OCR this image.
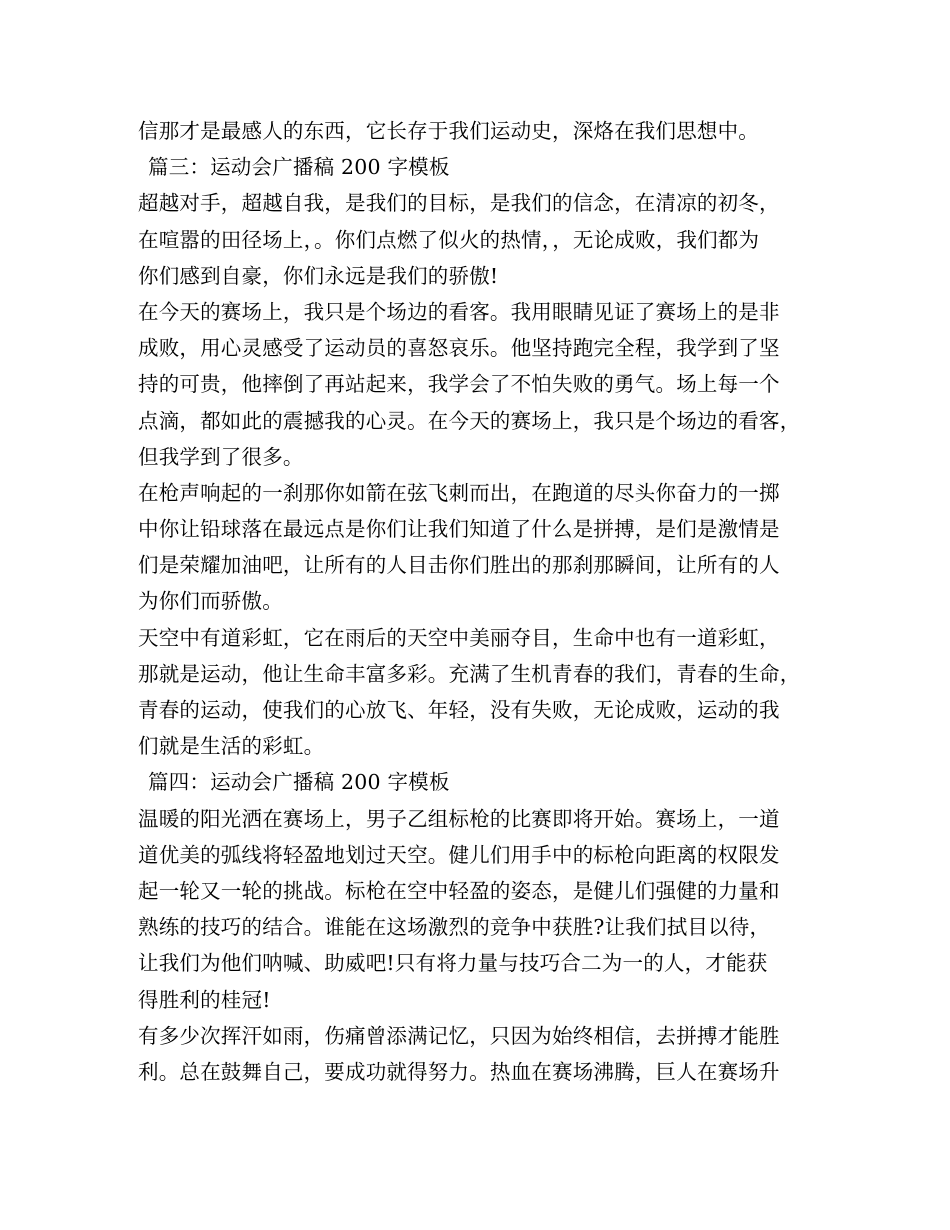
信那才是最感人的东西，它长存于我们运动史，深烙在我们思想中。
篇三：运动会广播稿 200 字模板
超越对手，超越自我，是我们的目标，是我们的信念，在清凉的初冬，
在喧嚣的田径场上，。你们点燃了似火的热情，，无论成败，我们都为
你们感到自豪，你们永远是我们的骄傲!
在今天的赛场上，我只是个场边的看客。我用眼睛见证了赛场上的是非
成败，用心灵感受了运动员的喜怒哀乐。他坚持跑完全程，我学到了坚
持的可贵，他摔倒了再站起来，我学会了不怕失败的勇气。场上每一个
点滴，都如此的震撼我的心灵。在今天的赛场上，我只是个场边的看客，
但我学到了很多。
在枪声响起的一刹那你如箭在弦飞刺而出，在跑道的尽头你奋力的一掷
中你让铅球落在最远点是你们让我们知道了什么是拼搏，是们是激情是
们是荣耀加油吧，让所有的人目击你们胜出的那刹那瞬间，让所有的人
为你们而骄傲。
天空中有道彩虹，它在雨后的天空中美丽夺目，生命中也有一道彩虹，
那就是运动，他让生命丰富多彩。充满了生机青春的我们，青春的生命，
青春的运动，使我们的心放飞、年轻，没有失败，无论成败，运动的我
们就是生活的彩虹。
篇四：运动会广播稿 200 字模板
温暖的阳光洒在赛场上，男子乙组标枪的比赛即将开始。赛场上，一道
道优美的弧线将轻盈地划过天空。健儿们用手中的标枪向距离的权限发
起一轮又一轮的挑战。标枪在空中轻盈的姿态，是健儿们强健的力量和
熟练的技巧的结合。谁能在这场激烈的竞争中获胜?让我们拭目以待，
让我们为他们呐喊、助威吧!只有将力量与技巧合二为一的人，才能获
得胜利的桂冠!
有多少次挥汗如雨，伤痛曾添满记忆，只因为始终相信，去拼搏才能胜
利。总在鼓舞自己，要成功就得努力。热血在赛场沸腾，巨人在赛场升
